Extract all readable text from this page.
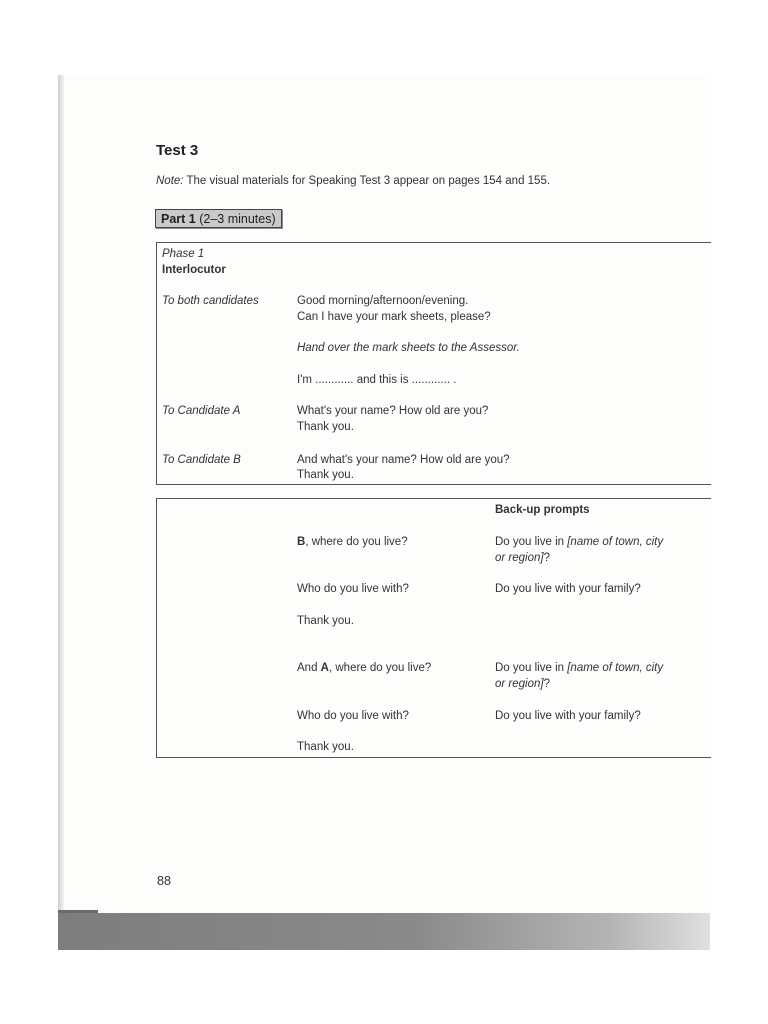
Test 3
Note: The visual materials for Speaking Test 3 appear on pages 154 and 155.
Part 1 (2–3 minutes)
Phase 1
Interlocutor
To both candidates	Good morning/afternoon/evening.
Can I have your mark sheets, please?
Hand over the mark sheets to the Assessor.
I'm ............ and this is ............ .
To Candidate A	What's your name? How old are you?
Thank you.
To Candidate B	And what's your name? How old are you?
Thank you.
Back-up prompts
B, where do you live?	Do you live in [name of town, city
or region]?
Who do you live with?	Do you live with your family?
Thank you.
And A, where do you live?	Do you live in [name of town, city
or region]?
Who do you live with?	Do you live with your family?
Thank you.
88
